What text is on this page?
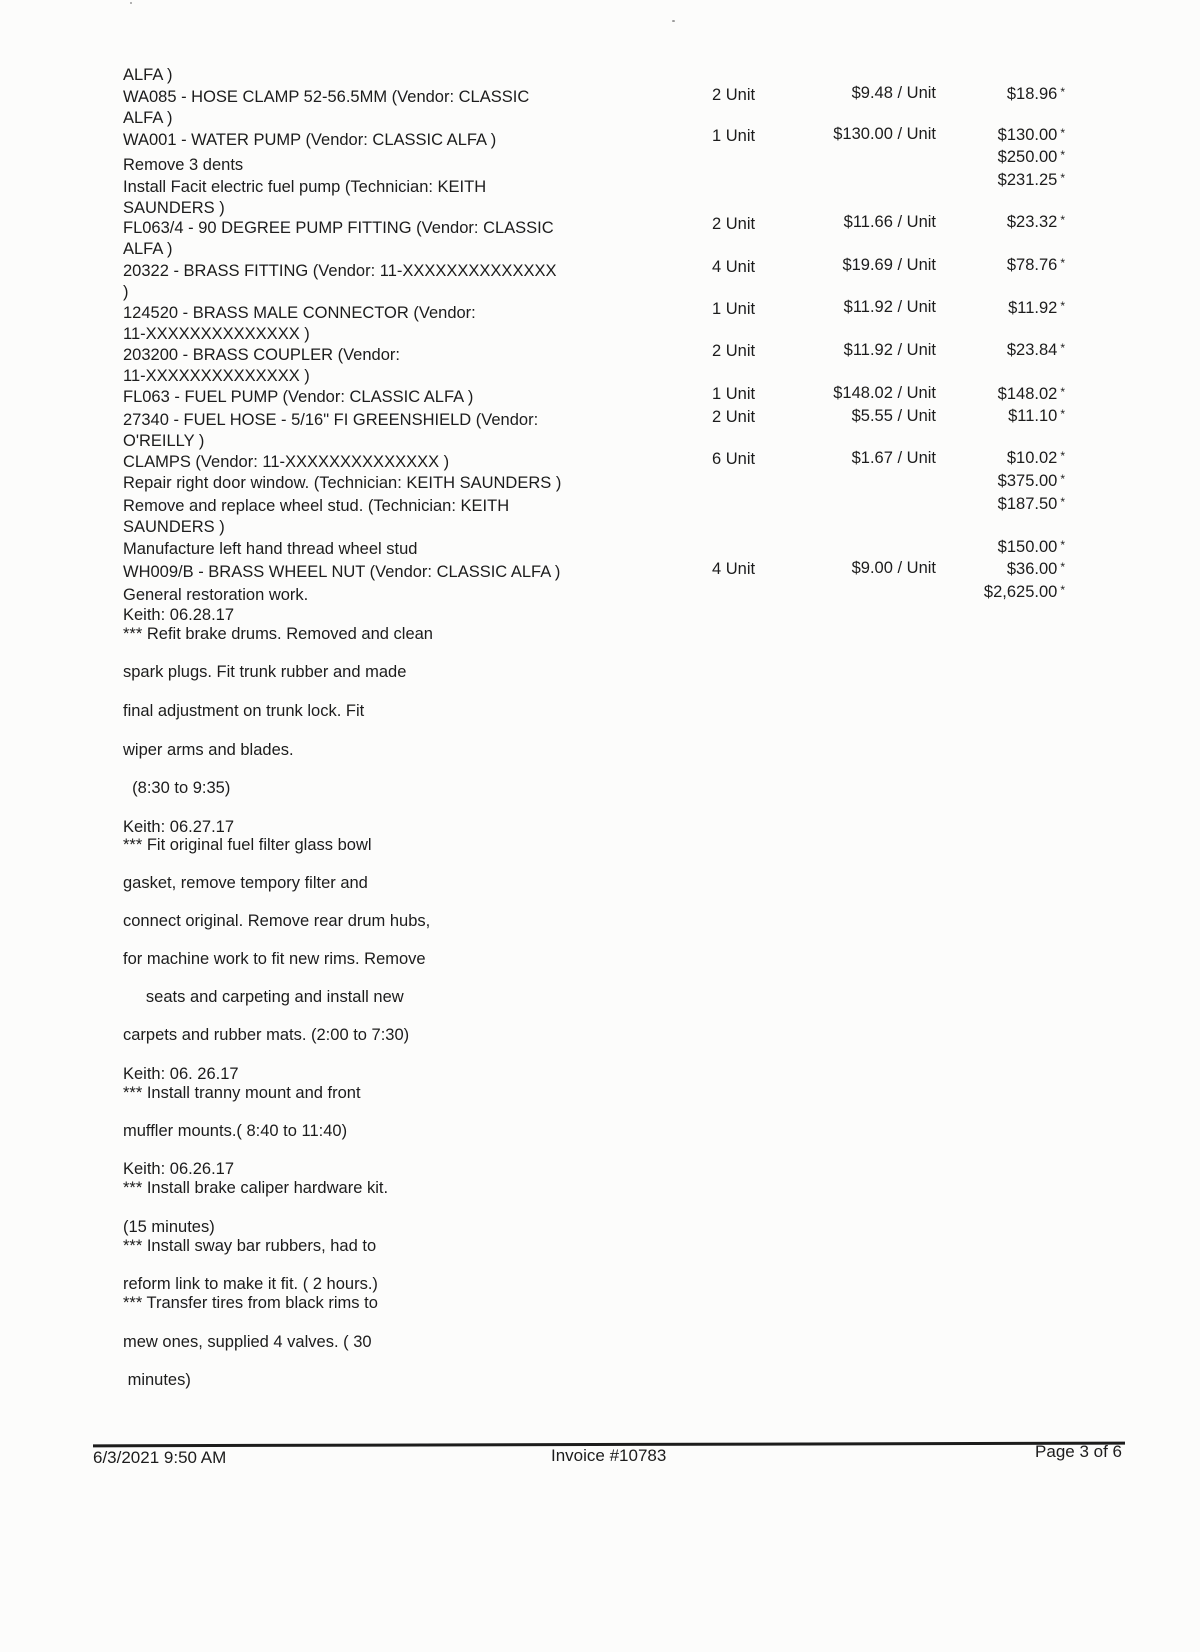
ALFA )
WA085 - HOSE CLAMP 52-56.5MM (Vendor: CLASSIC
ALFA )
2 Unit	$9.48 / Unit	$18.96 *
WA001 - WATER PUMP (Vendor: CLASSIC ALFA )	1 Unit	$130.00 / Unit	$130.00 *
Remove 3 dents	$250.00 *
Install Facit electric fuel pump (Technician: KEITH
SAUNDERS )
$231.25 *
FL063/4 - 90 DEGREE PUMP FITTING (Vendor: CLASSIC
ALFA )
2 Unit	$11.66 / Unit	$23.32 *
20322 - BRASS FITTING (Vendor: 11-XXXXXXXXXXXXXX
)
4 Unit	$19.69 / Unit	$78.76 *
124520 - BRASS MALE CONNECTOR (Vendor:
11-XXXXXXXXXXXXXX )
1 Unit	$11.92 / Unit	$11.92 *
203200 - BRASS COUPLER (Vendor:
11-XXXXXXXXXXXXXX )
2 Unit	$11.92 / Unit	$23.84 *
FL063 - FUEL PUMP (Vendor: CLASSIC ALFA )	1 Unit	$148.02 / Unit	$148.02 *
27340 - FUEL HOSE - 5/16" FI GREENSHIELD (Vendor:
O'REILLY )
2 Unit	$5.55 / Unit	$11.10 *
CLAMPS (Vendor: 11-XXXXXXXXXXXXXX )	6 Unit	$1.67 / Unit	$10.02 *
Repair right door window. (Technician: KEITH SAUNDERS )	$375.00 *
Remove and replace wheel stud. (Technician: KEITH
SAUNDERS )
$187.50 *
Manufacture left hand thread wheel stud	$150.00 *
WH009/B - BRASS WHEEL NUT (Vendor: CLASSIC ALFA )	4 Unit	$9.00 / Unit	$36.00 *
General restoration work.	$2,625.00 *
Keith: 06.28.17
*** Refit brake drums. Removed and clean
spark plugs. Fit trunk rubber and made
final adjustment on trunk lock. Fit
wiper arms and blades.
(8:30 to 9:35)
Keith: 06.27.17
*** Fit original fuel filter glass bowl
gasket, remove tempory filter and
connect original. Remove rear drum hubs,
for machine work to fit new rims. Remove
seats and carpeting and install new
carpets and rubber mats. (2:00 to 7:30)
Keith: 06. 26.17
*** Install tranny mount and front
muffler mounts.( 8:40 to 11:40)
Keith: 06.26.17
*** Install brake caliper hardware kit.
(15 minutes)
*** Install sway bar rubbers, had to
reform link to make it fit. ( 2 hours.)
*** Transfer tires from black rims to
mew ones, supplied 4 valves. ( 30
minutes)
6/3/2021 9:50 AM	Invoice #10783	Page 3 of 6
